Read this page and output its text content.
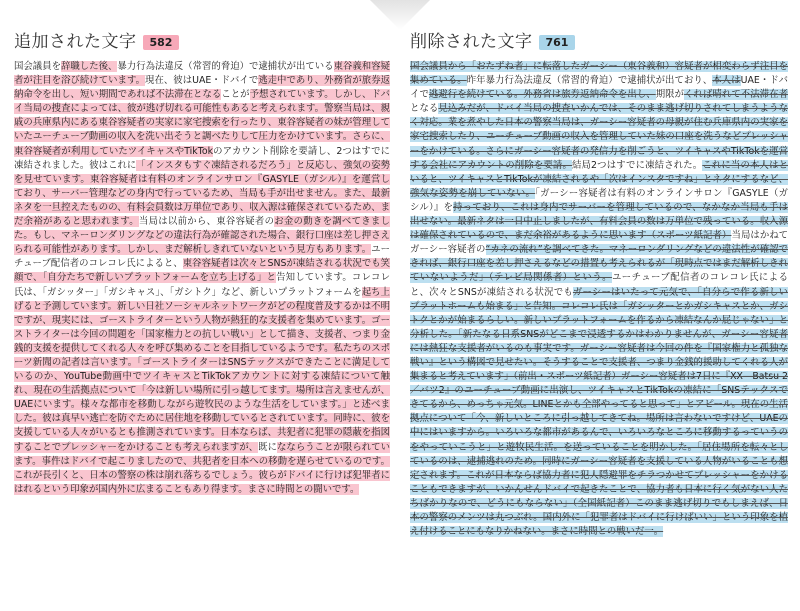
追加された文字	582
国会議員を辞職した後、暴力行為法違反（常習的脅迫）で逮捕状が出ている東谷義和容疑者が注目を浴び続けています。現在、彼はUAE・ドバイで逃走中であり、外務省が旅券返納命令を出し、短い期間であれば不法滞在となることが予想されています。しかし、ドバイ当局の捜査によっては、彼が逃げ切れる可能性もあると考えられます。警察当局は、親戚の兵庫県内にある東谷容疑者の実家に家宅捜索を行ったり、東谷容疑者の妹が管理していたユーチューブ動画の収入を洗い出そうと調べたりして圧力をかけています。さらに、東谷容疑者が利用していたツイキャスやTikTokのアカウント削除を要請し、2つはすでに凍結されました。彼はこれに「インスタもすぐ凍結されるだろう」と反応し、強気の姿勢を見せています。東谷容疑者は有料のオンラインサロン『GASYLE（ガシル）』を運営しており、サーバー管理などの身内で行っているため、当局も手が出せません。また、最新ネタを一旦控えたものの、有料会員数は万単位であり、収入源は確保されているため、まだ余裕があると思われます。当局は以前から、東谷容疑者のお金の動きを調べてきました。もし、マネーロンダリングなどの違法行為が確認された場合、銀行口座は差し押さえられる可能性があります。しかし、まだ解析しきれていないという見方もあります。ユーチューブ配信者のコレコレ氏によると、東谷容疑者は次々とSNSが凍結される状況でも笑顔で、「自分たちで新しいプラットフォームを立ち上げる」と告知しています。コレコレ氏は、「ガシッター」「ガシキャス」、「ガシトク」など、新しいプラットフォームを起ち上げると予測しています。新しい日社ソーシャルネットワークがどの程度普及するかは不明ですが、現実には、ゴーストライターという人物が熱狂的な支援者を集めています。ゴーストライターは今回の問題を「国家権力との抗しい戦い」として描き、支援者、つまり金銭的支援を提供してくれる人々を呼び集めることを目指しているようです。私たちのスポーツ新聞の記者は言います。「ゴーストライターはSNSテックスができたことに満足しているのか、YouTube動画中でツイキャスとTikTokアカウントに対する凍結について触れ、現在の生活拠点について「今は新しい場所に引っ越してます。場所は言えませんが、UAEにいます。様々な都市を移動しながら遊牧民のような生活をしています。」と述べました。彼は真早い逃亡を防ぐために居住地を移動しているとされています。同時に、彼を支援している人々がいるとも推測されています。日本ならば、共犯者に犯罪の隠蔽を指図することでプレッシャーをかけることも考えられますが、既になならうことが限られています。事件はドバイで起こりましたので、共犯者を日本への移動を遅らせているのです。これが長引くと、日本の警察の株は崩れ落ちるでしょう。彼らがドバイに行けば犯罪者にはれるという印象が国内外に広まることもあり得ます。まさに時間との闘いです。
削除された文字	761
国会議員から「おたずね者」に転落したガーシー（東谷義和）容疑者が相変わらず注目を集めている。昨年暴力行為法違反（常習的脅迫）で逮捕状が出ており、本人はUAE・ドバイで逃避行を続けている。外務省は旅券返納命令を出し、期限がくれば晴れて不法滞在者となる見込みだが、ドバイ当局の捜査いかんでは、そのまま逃げ切りされてしまうようなく対応。業を煮やした日本の警察当局は、ガーシー容疑者の母親が住む兵庫県内の実家を家宅捜索したり、ユーチューブ動画の収入を管理していた妹の口座を洗うなどプレッシャーをかけている。さらにガーシー容疑者の発信力を削ごうと、ツイキャスやTikTokを運営する会社にアカウントの削除を要請。結局2つはすでに凍結された。これに当の本人はといると、ツイキャスとTikTokが凍結されるや「次はインスタですね」とネタにするなど、強気な姿勢を崩していない。「ガーシー容疑者は有料のオンラインサロン『GASYLE（ガシル）』を持っており、これは身内でサーバーを管理しているので、なかなか当局も手は出せない。最新ネタは一日中止しましたが、有料会員の数は万単位で残っている。収入源は確保されているので、まだ余裕があるように思います（スポーツ紙記者）当局はかねてガーシー容疑者の“カネの流れ”を調べてきた。マネーロンダリングなどの違法性が確認できれば、銀行口座を差し押さえるなどの措置も考えられるが「現時点ではまだ解析しきれていないようだ」（テレビ局関係者）という。ユーチューブ配信者のコレコレ氏によると、次々とSNSが凍結される状況でもガーシーはいたって元気で、「自分らで作る新しいプラットホームも始まる」と告知。コレコレ氏は「ガシッターとかガシキャスとか、ガシトクとかが始まるらしい。新しいプラットフォームを作るから凍結なんか屁じゃない」と分析した。「新たなる日系SNSがどこまで浸透するかはわかりませんが、ガーシー容疑者には熱狂な支援者がいるのも事実です。ガーシー容疑者は今回の件を『国家権力と孤独な戦い』という構図で見せたい。そうすることで支援者、つまり金銭的援助してくれる人が集まると考えています」（前出・スポーツ紙記者）ガーシー容疑者は7日に『XX―Batsu 2／バツ2』のユーチューブ動画に出演し、ツイキャスとTikTokの凍結に「SNSテックスできてるから、めっちゃ元気。LINEとかも全部やってると思って」とアピール。現在の生活拠点について「今、新しいところに引っ越してきてね。場所は言わないですけど、UAEの中にはいますから。いろいろな都市があるんで、いろいろなところに移動するっていうのをやっていこうと」と遊牧民生活。を送っていることを明かした。「居住場所を転々としているのは、逮捕逃れのため。同時にガーシー容疑者を支援している人物がいることも想定されます。これが日本ならば協力者に犯人隠避罪をチラつかせてプレッシャーをかけることもできますが、いかんせんドバイで起きたことで、協力者も日本に行く気がない人たちばかりなので、どうにもならない」（全国紙記者）このまま逃げ切りでもしまえば、日本の警察のメンツは丸つぶれ。国内外に「犯罪者はドバイに行けばいい」という印象を植え付けることにもなりかねない。まさに時間との戦いだ一。
